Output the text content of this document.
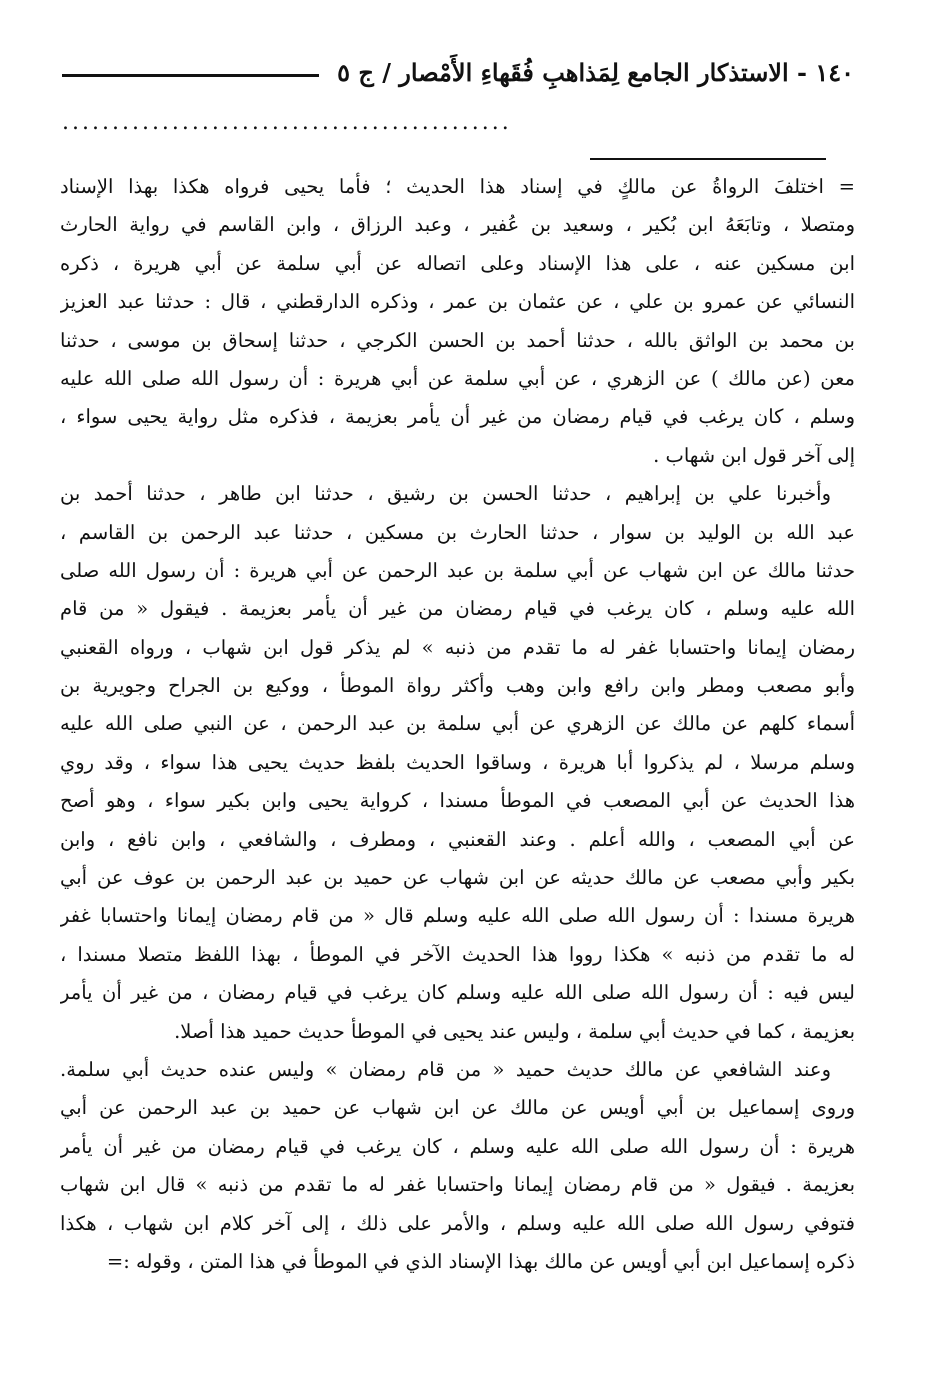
١٤٠ - الاستذكار الجامع لِمَذاهبِ فُقَهاءِ الأَمْصار / ج ٥
.............................................
= اختلفَ الرواةُ عن مالكٍ في إسناد هذا الحديث ؛ فأما يحيى فرواه هكذا بهذا الإسناد
ومتصلا ، وتابَعَهُ ابن بُكير ، وسعيد بن عُفير ، وعبد الرزاق ، وابن القاسم في رواية الحارث
ابن مسكين عنه ، على هذا الإسناد وعلى اتصاله عن أبي سلمة عن أبي هريرة ، ذكره
النسائي عن عمرو بن علي ، عن عثمان بن عمر ، وذكره الدارقطني ، قال : حدثنا عبد العزيز
بن محمد بن الواثق بالله ، حدثنا أحمد بن الحسن الكرجي ، حدثنا إسحاق بن موسى ، حدثنا
معن (عن مالك ) عن الزهري ، عن أبي سلمة عن أبي هريرة : أن رسول الله صلى الله عليه
وسلم ، كان يرغب في قيام رمضان من غير أن يأمر بعزيمة ، فذكره مثل رواية يحيى سواء ،
إلى آخر قول ابن شهاب .
وأخبرنا علي بن إبراهيم ، حدثنا الحسن بن رشيق ، حدثنا ابن طاهر ، حدثنا أحمد بن
عبد الله بن الوليد بن سوار ، حدثنا الحارث بن مسكين ، حدثنا عبد الرحمن بن القاسم ،
حدثنا مالك عن ابن شهاب عن أبي سلمة بن عبد الرحمن عن أبي هريرة : أن رسول الله صلى
الله عليه وسلم ، كان يرغب في قيام رمضان من غير أن يأمر بعزيمة . فيقول « من قام
رمضان إيمانا واحتسابا غفر له ما تقدم من ذنبه » لم يذكر قول ابن شهاب ، ورواه القعنبي
وأبو مصعب ومطر وابن رافع وابن وهب وأكثر رواة الموطأ ، ووكيع بن الجراح وجويرية بن
أسماء كلهم عن مالك عن الزهري عن أبي سلمة بن عبد الرحمن ، عن النبي صلى الله عليه
وسلم مرسلا ، لم يذكروا أبا هريرة ، وساقوا الحديث بلفظ حديث يحيى هذا سواء ، وقد روي
هذا الحديث عن أبي المصعب في الموطأ مسندا ، كرواية يحيى وابن بكير سواء ، وهو أصح
عن أبي المصعب ، والله أعلم . وعند القعنبي ، ومطرف ، والشافعي ، وابن نافع ، وابن
بكير وأبي مصعب عن مالك حديثه عن ابن شهاب عن حميد بن عبد الرحمن بن عوف عن أبي
هريرة مسندا : أن رسول الله صلى الله عليه وسلم قال « من قام رمضان إيمانا واحتسابا غفر
له ما تقدم من ذنبه » هكذا رووا هذا الحديث الآخر في الموطأ ، بهذا اللفظ متصلا مسندا ،
ليس فيه : أن رسول الله صلى الله عليه وسلم كان يرغب في قيام رمضان ، من غير أن يأمر
بعزيمة ، كما في حديث أبي سلمة ، وليس عند يحيى في الموطأ حديث حميد هذا أصلا.
وعند الشافعي عن مالك حديث حميد « من قام رمضان » وليس عنده حديث أبي سلمة.
وروى إسماعيل بن أبي أويس عن مالك عن ابن شهاب عن حميد بن عبد الرحمن عن أبي
هريرة : أن رسول الله صلى الله عليه وسلم ، كان يرغب في قيام رمضان من غير أن يأمر
بعزيمة . فيقول « من قام رمضان إيمانا واحتسابا غفر له ما تقدم من ذنبه » قال ابن شهاب
فتوفي رسول الله صلى الله عليه وسلم ، والأمر على ذلك ، إلى آخر كلام ابن شهاب ، هكذا
ذكره إسماعيل ابن أبي أويس عن مالك بهذا الإسناد الذي في الموطأ في هذا المتن ، وقوله :=
